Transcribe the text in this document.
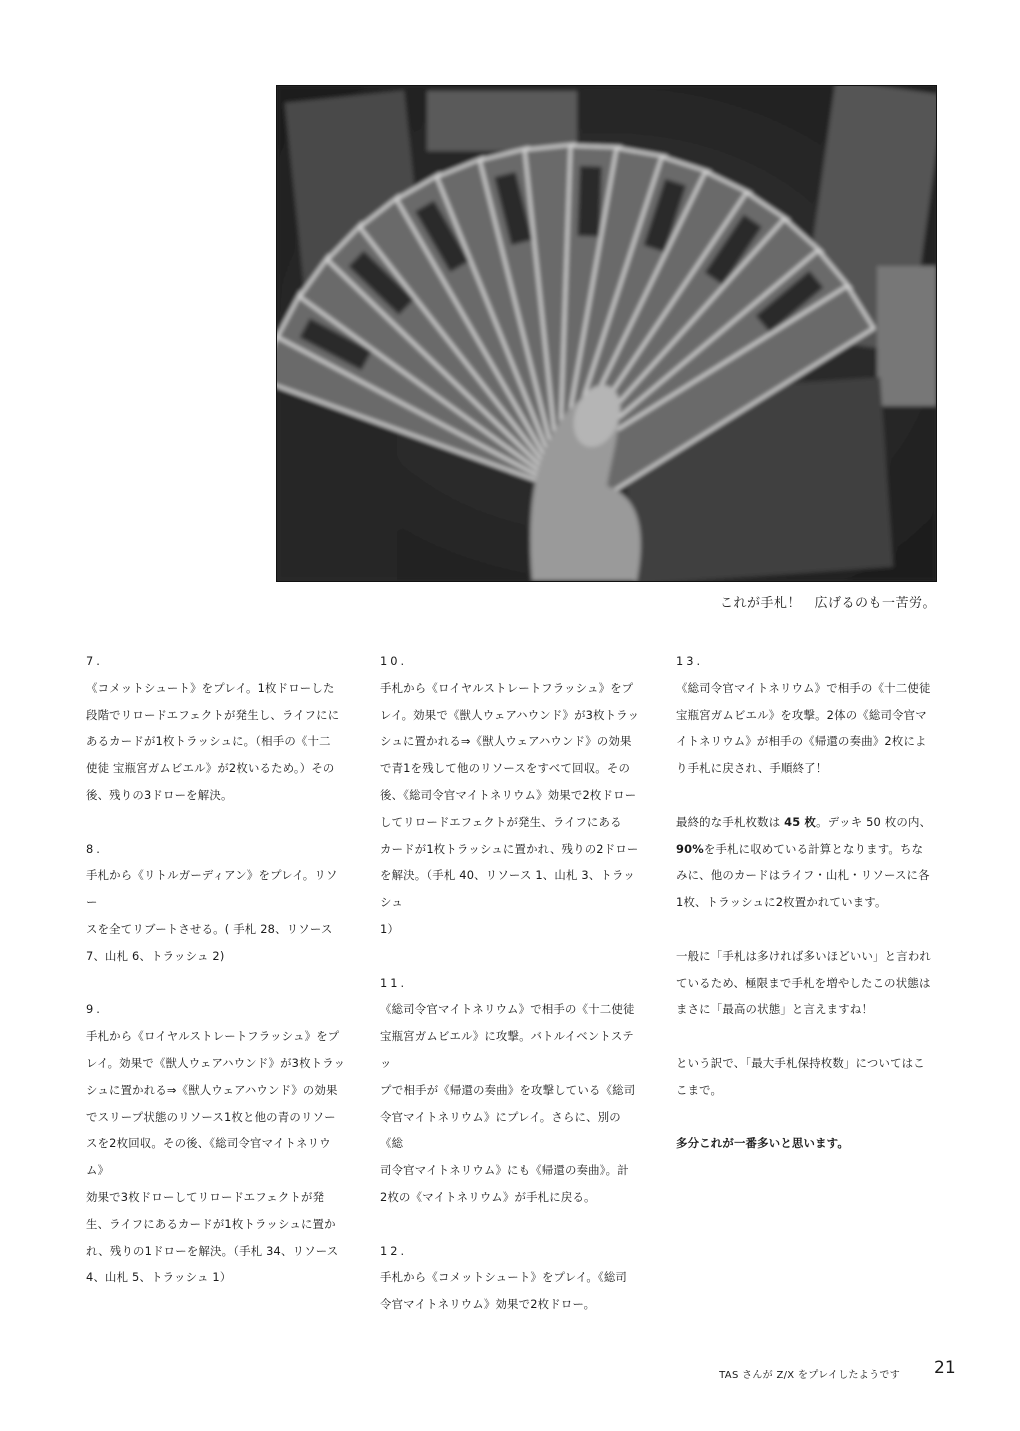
これが手札！　広げるのも一苦労。

7.

《コメットシュート》をプレイ。1枚ドローした
段階でリロードエフェクトが発生し、ライフにに
あるカードが1枚トラッシュに。（相手の《十二
使徒 宝瓶宮ガムビエル》が2枚いるため。）その
後、残りの3ドローを解決。

8.

手札から《リトルガーディアン》をプレイ。リソー
スを全てリブートさせる。( 手札 28、リソース
7、山札 6、トラッシュ 2)

9.

手札から《ロイヤルストレートフラッシュ》をプ
レイ。効果で《獣人ウェアハウンド》が3枚トラッ
シュに置かれる⇒《獣人ウェアハウンド》の効果
でスリープ状態のリソース1枚と他の青のリソー
スを2枚回収。その後、《総司令官マイトネリウム》
効果で3枚ドローしてリロードエフェクトが発
生、ライフにあるカードが1枚トラッシュに置か
れ、残りの1ドローを解決。（手札 34、リソース
4、山札 5、トラッシュ 1）

10.

手札から《ロイヤルストレートフラッシュ》をプ
レイ。効果で《獣人ウェアハウンド》が3枚トラッ
シュに置かれる⇒《獣人ウェアハウンド》の効果
で青1を残して他のリソースをすべて回収。その
後、《総司令官マイトネリウム》効果で2枚ドロー
してリロードエフェクトが発生、ライフにある
カードが1枚トラッシュに置かれ、残りの2ドロー
を解決。（手札 40、リソース 1、山札 3、トラッシュ
1）

11.

《総司令官マイトネリウム》で相手の《十二使徒
宝瓶宮ガムビエル》に攻撃。バトルイベントステッ
プで相手が《帰還の奏曲》を攻撃している《総司
令官マイトネリウム》にプレイ。さらに、別の《総
司令官マイトネリウム》にも《帰還の奏曲》。計
2枚の《マイトネリウム》が手札に戻る。

12.

手札から《コメットシュート》をプレイ。《総司
令官マイトネリウム》効果で2枚ドロー。

13.

《総司令官マイトネリウム》で相手の《十二使徒
宝瓶宮ガムビエル》を攻撃。2体の《総司令官マ
イトネリウム》が相手の《帰還の奏曲》2枚によ
り手札に戻され、手順終了！

最終的な手札枚数は 45 枚。デッキ 50 枚の内、
90%を手札に収めている計算となります。ちな
みに、他のカードはライフ・山札・リソースに各
1枚、トラッシュに2枚置かれています。

一般に「手札は多ければ多いほどいい」と言われ
ているため、極限まで手札を増やしたこの状態は
まさに「最高の状態」と言えますね！

という訳で、「最大手札保持枚数」についてはこ
こまで。

多分これが一番多いと思います。

TAS さんが Z/X をプレイしたようです 21
